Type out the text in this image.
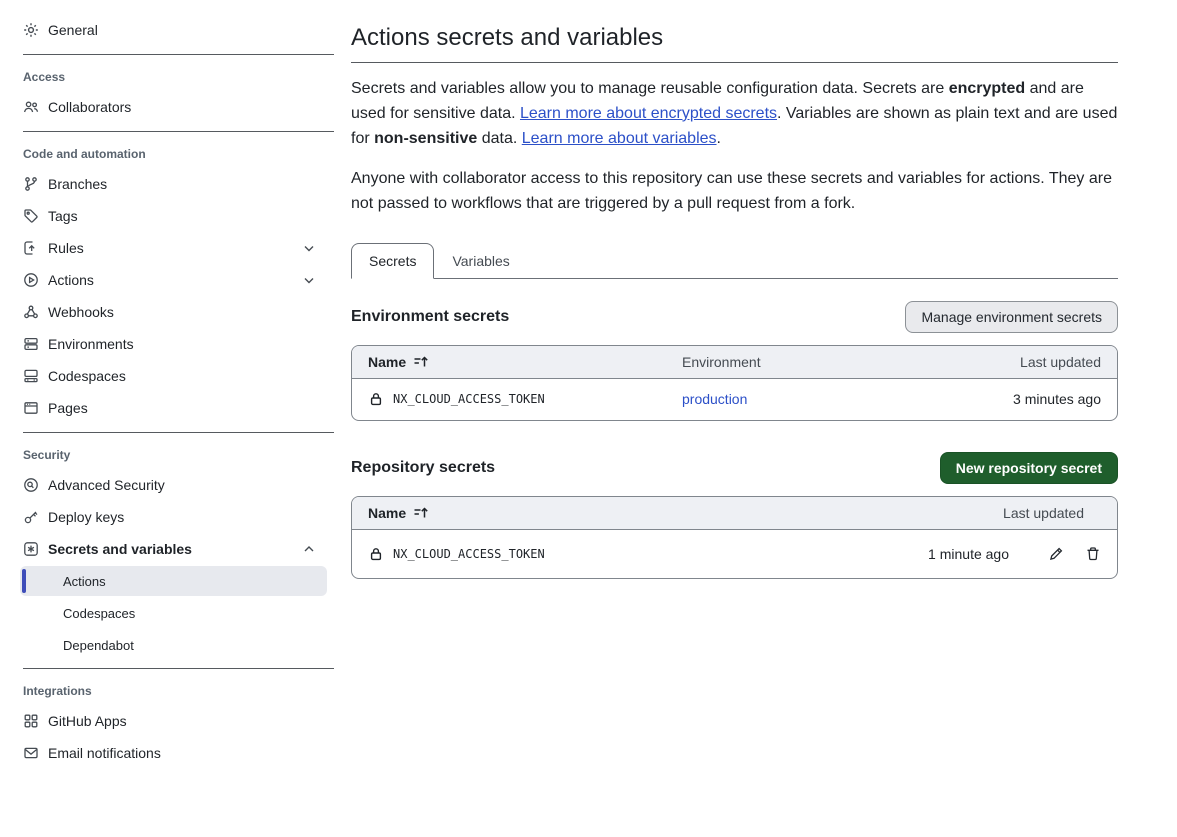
General
Access
Collaborators
Code and automation
Branches
Tags
Rules
Actions
Webhooks
Environments
Codespaces
Pages
Security
Advanced Security
Deploy keys
Secrets and variables
Actions
Codespaces
Dependabot
Integrations
GitHub Apps
Email notifications
Actions secrets and variables

Secrets and variables allow you to manage reusable configuration data. Secrets are encrypted and are used for sensitive data. Learn more about encrypted secrets. Variables are shown as plain text and are used for non-sensitive data. Learn more about variables.

Anyone with collaborator access to this repository can use these secrets and variables for actions. They are not passed to workflows that are triggered by a pull request from a fork.

Secrets	Variables
Environment secrets	Manage environment secrets
Name	Environment	Last updated
NX_CLOUD_ACCESS_TOKEN	production	3 minutes ago
Repository secrets	New repository secret
Name	Last updated
NX_CLOUD_ACCESS_TOKEN	1 minute ago
